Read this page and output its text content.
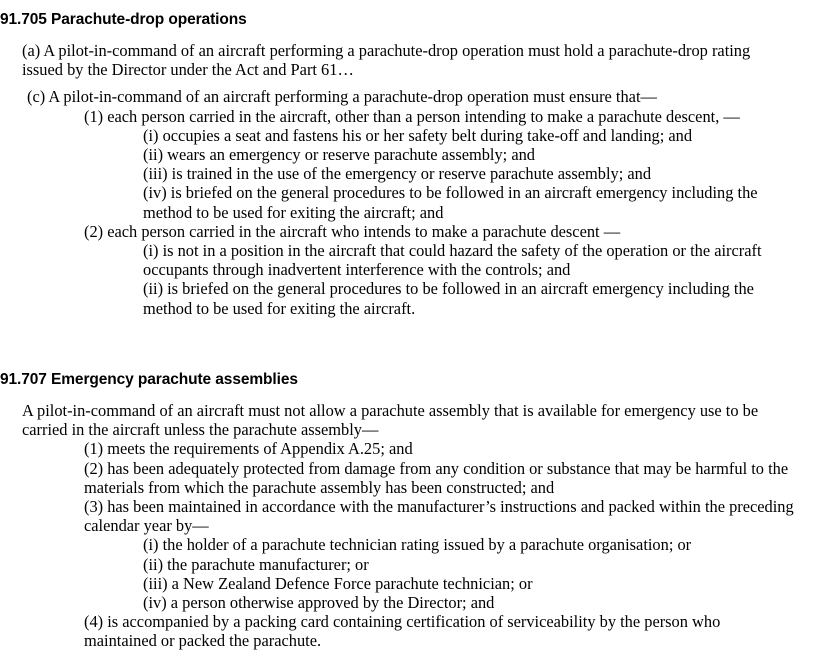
91.705 Parachute-drop operations

(a) A pilot-in-command of an aircraft performing a parachute-drop operation must hold a parachute-drop rating issued by the Director under the Act and Part 61…

(c) A pilot-in-command of an aircraft performing a parachute-drop operation must ensure that—

(1) each person carried in the aircraft, other than a person intending to make a parachute descent, —

(i) occupies a seat and fastens his or her safety belt during take-off and landing; and

(ii) wears an emergency or reserve parachute assembly; and

(iii) is trained in the use of the emergency or reserve parachute assembly; and

(iv) is briefed on the general procedures to be followed in an aircraft emergency including the method to be used for exiting the aircraft; and

(2) each person carried in the aircraft who intends to make a parachute descent —

(i) is not in a position in the aircraft that could hazard the safety of the operation or the aircraft occupants through inadvertent interference with the controls; and

(ii) is briefed on the general procedures to be followed in an aircraft emergency including the method to be used for exiting the aircraft.

91.707 Emergency parachute assemblies

A pilot-in-command of an aircraft must not allow a parachute assembly that is available for emergency use to be carried in the aircraft unless the parachute assembly—

(1) meets the requirements of Appendix A.25; and

(2) has been adequately protected from damage from any condition or substance that may be harmful to the materials from which the parachute assembly has been constructed; and

(3) has been maintained in accordance with the manufacturer’s instructions and packed within the preceding calendar year by—

(i) the holder of a parachute technician rating issued by a parachute organisation; or

(ii) the parachute manufacturer; or

(iii) a New Zealand Defence Force parachute technician; or

(iv) a person otherwise approved by the Director; and

(4) is accompanied by a packing card containing certification of serviceability by the person who maintained or packed the parachute.
